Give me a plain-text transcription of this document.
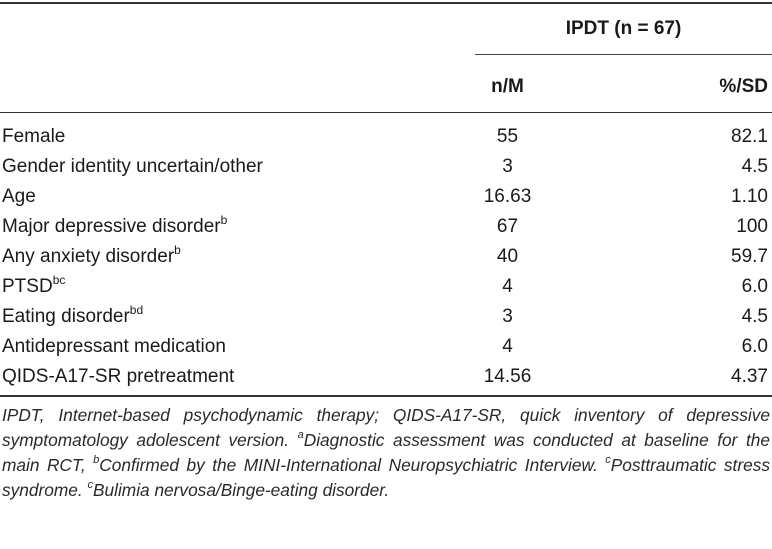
IPDT (n = 67)
n/M	%/SD
Female	55	82.1
Gender identity uncertain/other	3	4.5
Age	16.63	1.10
Major depressive disorder$^b$	67	100
Any anxiety disorder$^b$	40	59.7
$PTSD^{bc}$	4	6.0
Eating disorder$^{bd}$	3	4.5
Antidepressant medication	4	6.0
QIDS-A17-SR pretreatment	14.56	4.37
IPDT, Internet-based psychodynamic therapy; QIDS-A17-SR, quick inventory of depressive symptomatology adolescent version. $^a$Diagnostic assessment was conducted at baseline for the main RCT, $^b$Confirmed by the MINI-International Neuropsychiatric Interview. $^c$Posttraumatic stress syndrome. $^c$Bulimia nervosa/Binge-eating disorder.
